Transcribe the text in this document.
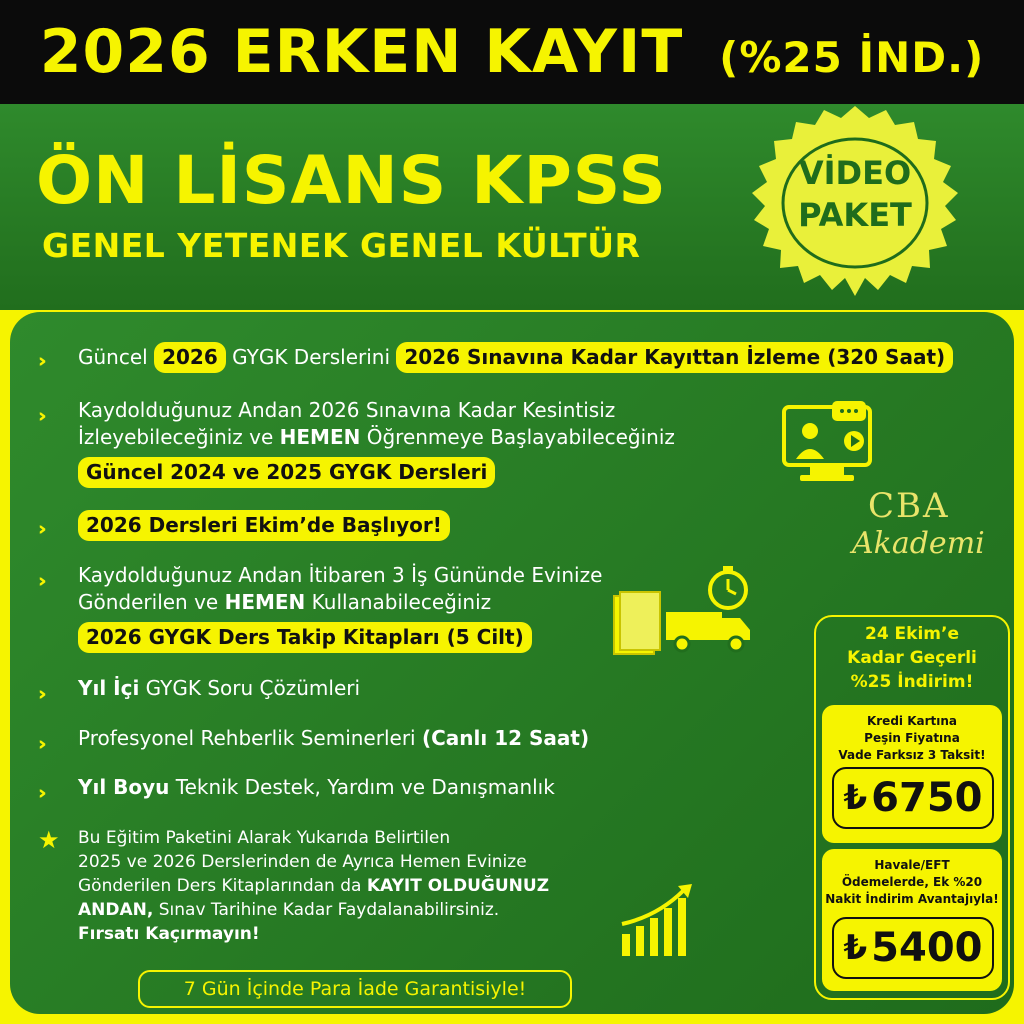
2026 ERKEN KAYIT (%25 İND.)
ÖN LİSANS KPSS
GENEL YETENEK GENEL KÜLTÜR
VİDEO
PAKET
›› Güncel 2026 GYGK Derslerini 2026 Sınavına Kadar Kayıttan İzleme (320 Saat)
›› Kaydolduğunuz Andan 2026 Sınavına Kadar Kesintisiz
İzleyebileceğiniz ve HEMEN Öğrenmeye Başlayabileceğiniz
Güncel 2024 ve 2025 GYGK Dersleri
››	2026 Dersleri Ekim’de Başlıyor!
›› Kaydolduğunuz Andan İtibaren 3 İş Gününde Evinize
Gönderilen ve HEMEN Kullanabileceğiniz
2026 GYGK Ders Takip Kitapları (5 Cilt)
›› Yıl İçi GYGK Soru Çözümleri
›› Profesyonel Rehberlik Seminerleri (Canlı 12 Saat)
›› Yıl Boyu Teknik Destek, Yardım ve Danışmanlık
★ Bu Eğitim Paketini Alarak Yukarıda Belirtilen
2025 ve 2026 Derslerinden de Ayrıca Hemen Evinize
Gönderilen Ders Kitaplarından da KAYIT OLDUĞUNUZ
ANDAN, Sınav Tarihine Kadar Faydalanabilirsiniz.
Fırsatı Kaçırmayın!
CBA
Akademi
24 Ekim’e
Kadar Geçerli
%25 İndirim!
Kredi Kartına
Peşin Fiyatına
Vade Farksız 3 Taksit!
₺ 6750
Havale/EFT
Ödemelerde, Ek %20
Nakit İndirim Avantajıyla!
₺ 5400
7 Gün İçinde Para İade Garantisiyle!
